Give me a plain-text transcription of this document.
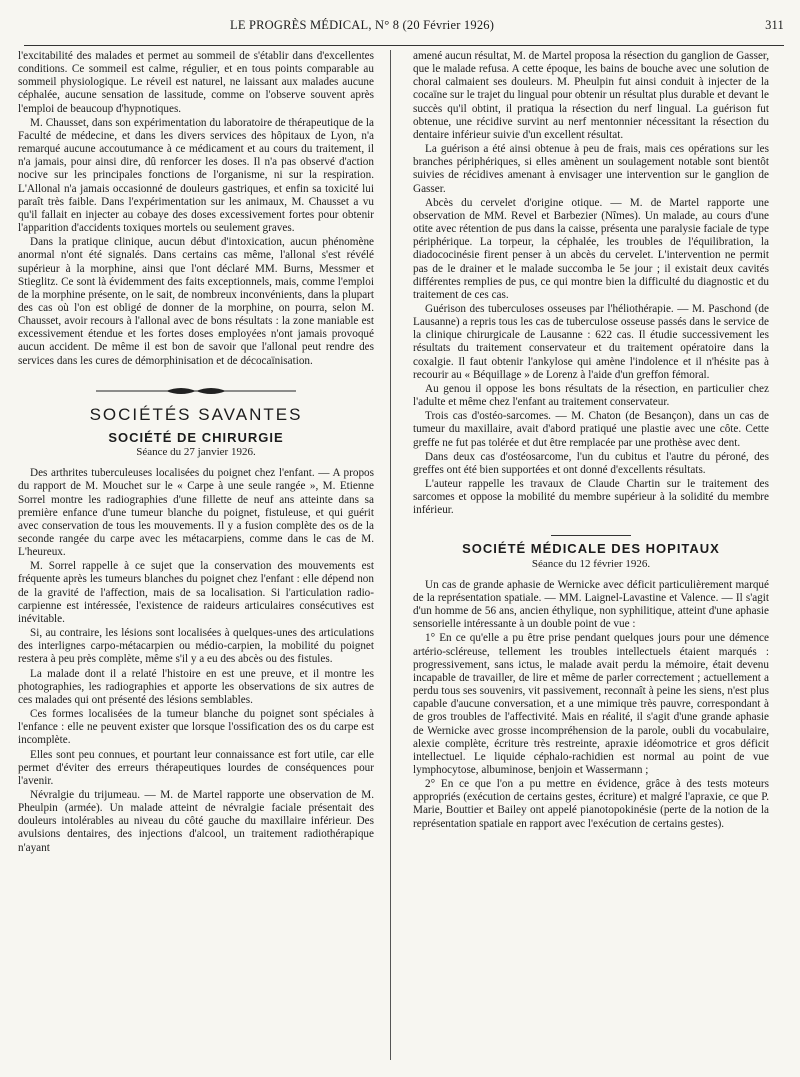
LE PROGRÈS MÉDICAL, N° 8 (20 Février 1926)	311

l'excitabilité des malades et permet au sommeil de s'établir dans d'excellentes conditions. Ce sommeil est calme, régulier, et en tous points comparable au sommeil physiologique. Le réveil est naturel, ne laissant aux malades aucune céphalée, aucune sensation de lassitude, comme on l'observe souvent après l'emploi de beaucoup d'hypnotiques.

M. Chausset, dans son expérimentation du laboratoire de thérapeutique de la Faculté de médecine, et dans les divers services des hôpitaux de Lyon, n'a remarqué aucune accoutumance à ce médicament et au cours du traitement, il n'a jamais, pour ainsi dire, dû renforcer les doses. Il n'a pas observé d'action nocive sur les principales fonctions de l'organisme, ni sur la respiration. L'Allonal n'a jamais occasionné de douleurs gastriques, et enfin sa toxicité lui paraît très faible. Dans l'expérimentation sur les animaux, M. Chausset a vu qu'il fallait en injecter au cobaye des doses excessivement fortes pour obtenir l'apparition d'accidents toxiques mortels ou seulement graves.

Dans la pratique clinique, aucun début d'intoxication, aucun phénomène anormal n'ont été signalés. Dans certains cas même, l'allonal s'est révélé supérieur à la morphine, ainsi que l'ont déclaré MM. Burns, Messmer et Stieglitz. Ce sont là évidemment des faits exceptionnels, mais, comme l'emploi de la morphine présente, on le sait, de nombreux inconvénients, dans la plupart des cas où l'on est obligé de donner de la morphine, on pourra, selon M. Chausset, avoir recours à l'allonal avec de bons résultats : la zone maniable est excessivement étendue et les fortes doses employées n'ont jamais provoqué aucun accident. De même il est bon de savoir que l'allonal peut rendre des services dans les cures de démorphinisation et de décocaïnisation.

SOCIÉTÉS SAVANTES
SOCIÉTÉ DE CHIRURGIE
Séance du 27 janvier 1926.

Des arthrites tuberculeuses localisées du poignet chez l'enfant. — A propos du rapport de M. Mouchet sur le « Carpe à une seule rangée », M. Etienne Sorrel montre les radiographies d'une fillette de neuf ans atteinte dans sa première enfance d'une tumeur blanche du poignet, fistuleuse, et qui guérit avec conservation de tous les mouvements. Il y a fusion complète des os de la seconde rangée du carpe avec les métacarpiens, comme dans le cas de M. L'heureux.

M. Sorrel rappelle à ce sujet que la conservation des mouvements est fréquente après les tumeurs blanches du poignet chez l'enfant : elle dépend non de la gravité de l'affection, mais de sa localisation. Si l'articulation radio-carpienne est intéressée, l'existence de raideurs articulaires consécutives est inévitable.

Si, au contraire, les lésions sont localisées à quelques-unes des articulations des interlignes carpo-métacarpien ou médio-carpien, la mobilité du poignet restera à peu près complète, même s'il y a eu des abcès ou des fistules.

La malade dont il a relaté l'histoire en est une preuve, et il montre les photographies, les radiographies et apporte les observations de six autres de ces malades qui ont présenté des lésions semblables.

Ces formes localisées de la tumeur blanche du poignet sont spéciales à l'enfance : elle ne peuvent exister que lorsque l'ossification des os du carpe est incomplète.

Elles sont peu connues, et pourtant leur connaissance est fort utile, car elle permet d'éviter des erreurs thérapeutiques lourdes de conséquences pour l'avenir.

Névralgie du trijumeau. — M. de Martel rapporte une observation de M. Pheulpin (armée). Un malade atteint de névralgie faciale présentait des douleurs intolérables au niveau du côté gauche du maxillaire inférieur. Des avulsions dentaires, des injections d'alcool, un traitement radiothérapique n'ayant

amené aucun résultat, M. de Martel proposa la résection du ganglion de Gasser, que le malade refusa. A cette époque, les bains de bouche avec une solution de choral calmaient ses douleurs. M. Pheulpin fut ainsi conduit à injecter de la cocaïne sur le trajet du lingual pour obtenir un résultat plus durable et devant le succès qu'il obtint, il pratiqua la résection du nerf lingual. La guérison fut obtenue, une récidive survint au nerf mentonnier nécessitant la résection du dentaire inférieur suivie d'un excellent résultat.

La guérison a été ainsi obtenue à peu de frais, mais ces opérations sur les branches périphériques, si elles amènent un soulagement notable sont bientôt suivies de récidives amenant à envisager une intervention sur le ganglion de Gasser.

Abcès du cervelet d'origine otique. — M. de Martel rapporte une observation de MM. Revel et Barbezier (Nîmes). Un malade, au cours d'une otite avec rétention de pus dans la caisse, présenta une paralysie faciale de type périphérique. La torpeur, la céphalée, les troubles de l'équilibration, la diadococinésie firent penser à un abcès du cervelet. L'intervention ne permit pas de le drainer et le malade succomba le 5e jour ; il existait deux cavités différentes remplies de pus, ce qui montre bien la difficulté du diagnostic et du traitement de ces cas.

Guérison des tuberculoses osseuses par l'héliothérapie. — M. Paschond (de Lausanne) a repris tous les cas de tuberculose osseuse passés dans le service de la clinique chirurgicale de Lausanne : 622 cas. Il étudie successivement les résultats du traitement conservateur et du traitement opératoire dans la coxalgie. Il faut obtenir l'ankylose qui amène l'indolence et il n'hésite pas à recourir au « Béquillage » de Lorenz à l'aide d'un greffon fémoral.

Au genou il oppose les bons résultats de la résection, en particulier chez l'adulte et même chez l'enfant au traitement conservateur.

Trois cas d'ostéo-sarcomes. — M. Chaton (de Besançon), dans un cas de tumeur du maxillaire, avait d'abord pratiqué une plastie avec une côte. Cette greffe ne fut pas tolérée et dut être remplacée par une prothèse avec dent.

Dans deux cas d'ostéosarcome, l'un du cubitus et l'autre du péroné, des greffes ont été bien supportées et ont donné d'excellents résultats.

L'auteur rappelle les travaux de Claude Chartin sur le traitement des sarcomes et oppose la mobilité du membre supérieur à la solidité du membre inférieur.

SOCIÉTÉ MÉDICALE DES HOPITAUX
Séance du 12 février 1926.

Un cas de grande aphasie de Wernicke avec déficit particulièrement marqué de la représentation spatiale. — MM. Laignel-Lavastine et Valence. — Il s'agit d'un homme de 56 ans, ancien éthylique, non syphilitique, atteint d'une aphasie sensorielle intéressante à un double point de vue :

1° En ce qu'elle a pu être prise pendant quelques jours pour une démence artério-scléreuse, tellement les troubles intellectuels étaient marqués : progressivement, sans ictus, le malade avait perdu la mémoire, était devenu incapable de travailler, de lire et même de parler correctement ; actuellement a perdu tous ses souvenirs, vit passivement, reconnaît à peine les siens, n'est plus capable d'aucune conversation, et a une mimique très pauvre, correspondant à de gros troubles de l'affectivité. Mais en réalité, il s'agit d'une grande aphasie de Wernicke avec grosse incompréhension de la parole, oubli du vocabulaire, alexie complète, écriture très restreinte, apraxie idéomotrice et gros déficit intellectuel. Le liquide céphalo-rachidien est normal au point de vue lymphocytose, albuminose, benjoin et Wassermann ;

2° En ce que l'on a pu mettre en évidence, grâce à des tests moteurs appropriés (exécution de certains gestes, écriture) et malgré l'apraxie, ce que P. Marie, Bouttier et Bailey ont appelé pianotopokinésie (perte de la notion de la représentation spatiale en rapport avec l'exécution de certains gestes).
